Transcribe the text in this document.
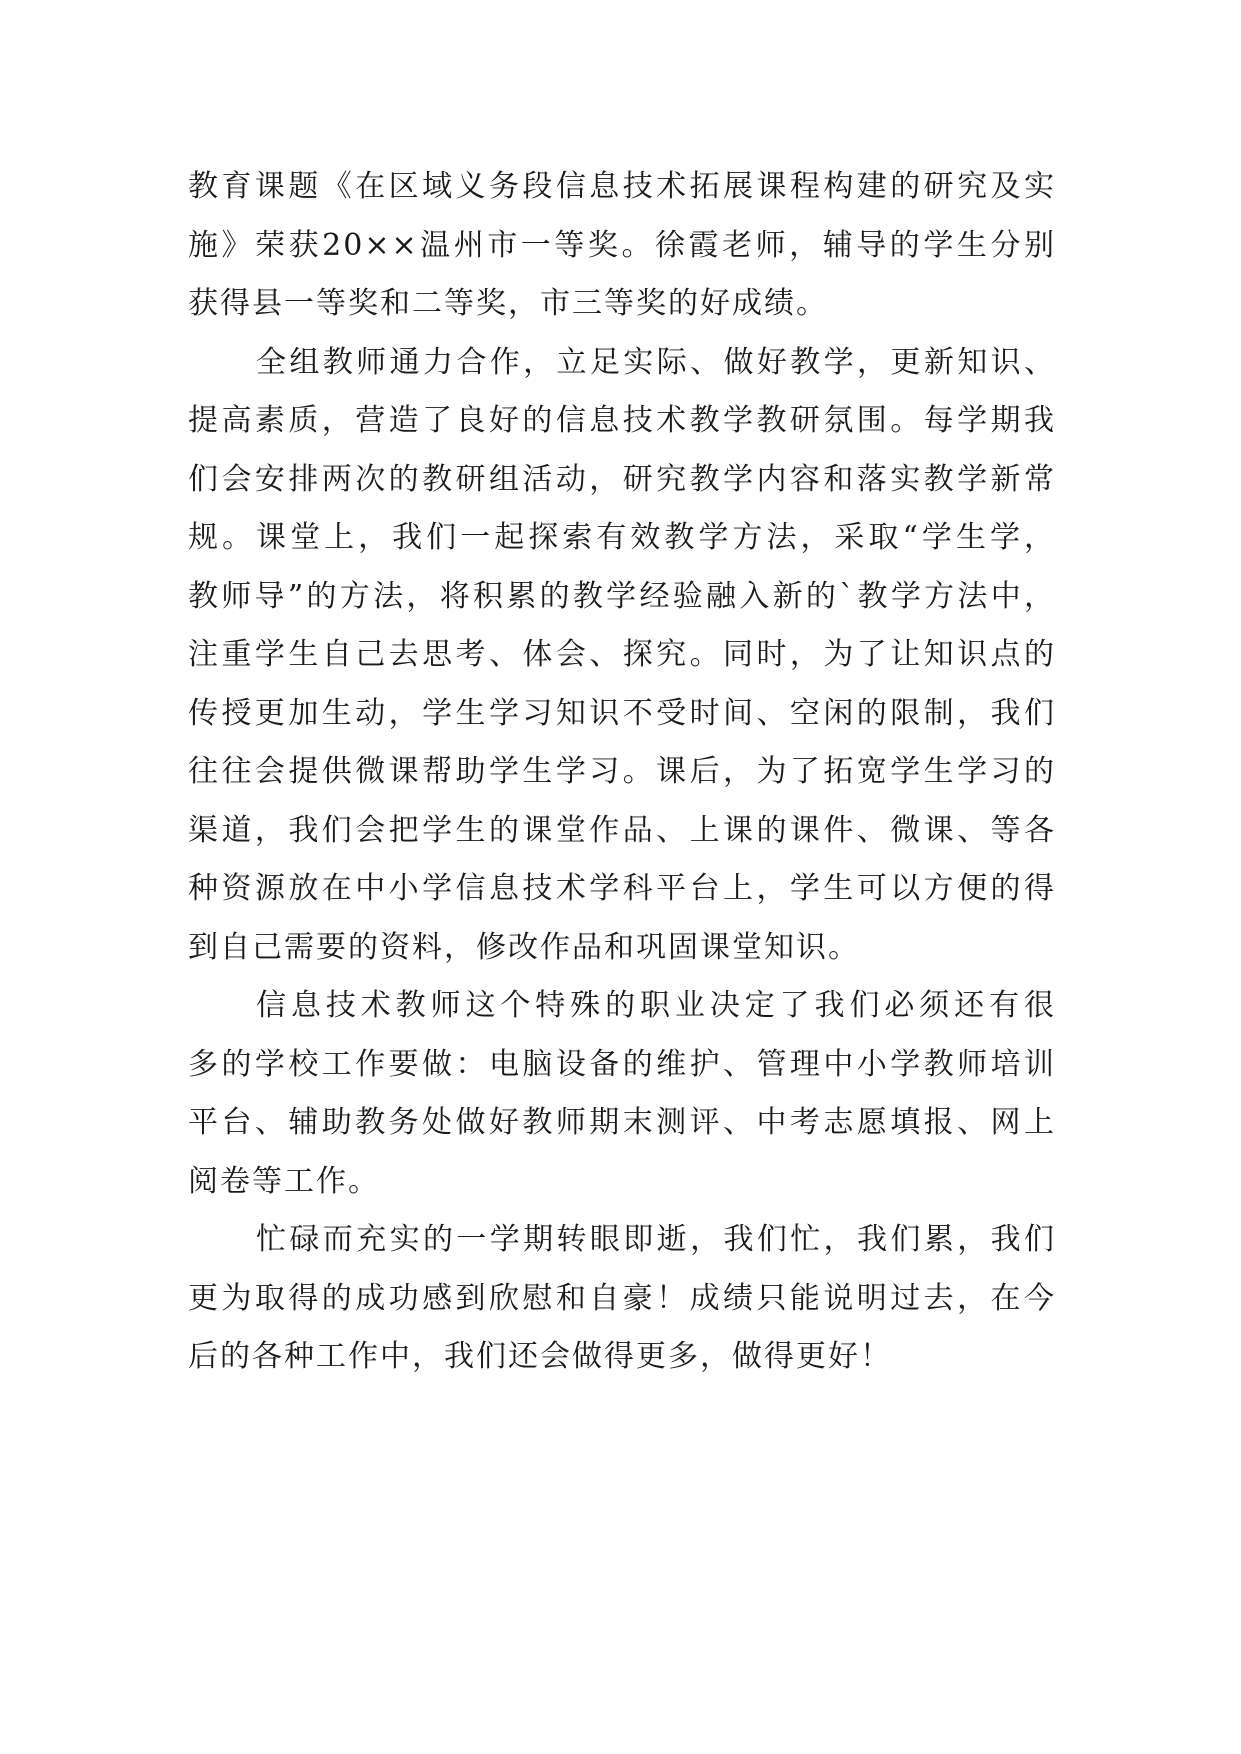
教育课题《在区域义务段信息技术拓展课程构建的研究及实
施》荣获20××温州市一等奖。徐霞老师，辅导的学生分别
获得县一等奖和二等奖，市三等奖的好成绩。
全组教师通力合作，立足实际、做好教学，更新知识、
提高素质，营造了良好的信息技术教学教研氛围。每学期我
们会安排两次的教研组活动，研究教学内容和落实教学新常
规。课堂上，我们一起探索有效教学方法，采取“学生学，
教师导”的方法，将积累的教学经验融入新的`教学方法中，
注重学生自己去思考、体会、探究。同时，为了让知识点的
传授更加生动，学生学习知识不受时间、空闲的限制，我们
往往会提供微课帮助学生学习。课后，为了拓宽学生学习的
渠道，我们会把学生的课堂作品、上课的课件、微课、等各
种资源放在中小学信息技术学科平台上，学生可以方便的得
到自己需要的资料，修改作品和巩固课堂知识。
信息技术教师这个特殊的职业决定了我们必须还有很
多的学校工作要做：电脑设备的维护、管理中小学教师培训
平台、辅助教务处做好教师期末测评、中考志愿填报、网上
阅卷等工作。
忙碌而充实的一学期转眼即逝，我们忙，我们累，我们
更为取得的成功感到欣慰和自豪！成绩只能说明过去，在今
后的各种工作中，我们还会做得更多，做得更好！
